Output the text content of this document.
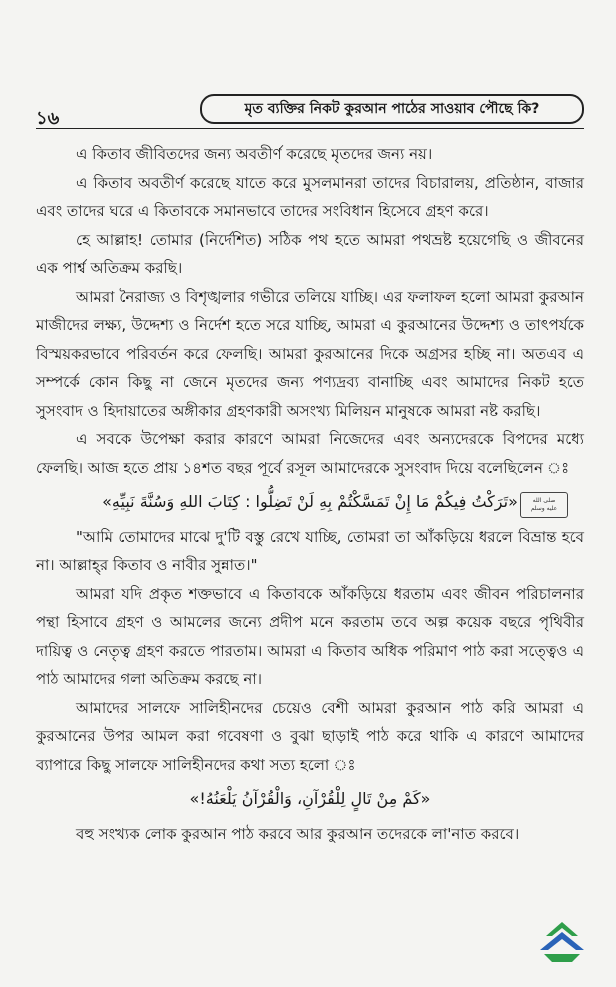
১৬	মৃত ব্যক্তির নিকট কুরআন পাঠের সাওয়াব পৌছে কি?

এ কিতাব জীবিতদের জন্য অবতীর্ণ করেছে মৃতদের জন্য নয়।

এ কিতাব অবতীর্ণ করেছে যাতে করে মুসলমানরা তাদের বিচারালয়, প্রতিষ্ঠান, বাজার এবং তাদের ঘরে এ কিতাবকে সমানভাবে তাদের সংবিধান হিসেবে গ্রহণ করে।

হে আল্লাহ! তোমার (নির্দেশিত) সঠিক পথ হতে আমরা পথভ্রষ্ট হয়েগেছি ও জীবনের এক পার্শ্ব অতিক্রম করছি।

আমরা নৈরাজ্য ও বিশৃঙ্খলার গভীরে তলিয়ে যাচ্ছি। এর ফলাফল হলো আমরা কুরআন মাজীদের লক্ষ্য, উদ্দেশ্য ও নির্দেশ হতে সরে যাচ্ছি, আমরা এ কুরআনের উদ্দেশ্য ও তাৎপর্যকে বিস্ময়করভাবে পরিবর্তন করে ফেলছি। আমরা কুরআনের দিকে অগ্রসর হচ্ছি না। অতএব এ সম্পর্কে কোন কিছু না জেনে মৃতদের জন্য পণ্যদ্রব্য বানাচ্ছি এবং আমাদের নিকট হতে সুসংবাদ ও হিদায়াতের অঙ্গীকার গ্রহণকারী অসংখ্য মিলিয়ন মানুষকে আমরা নষ্ট করছি।

এ সবকে উপেক্ষা করার কারণে আমরা নিজেদের এবং অন্যদেরকে বিপদের মধ্যে ফেলছি। আজ হতে প্রায় ১৪শত বছর পূর্বে রসূল আমাদেরকে সুসংবাদ দিয়ে বলেছিলেন ঃ

«تَرَكْتُ فِيكُمْ مَا إِنْ تَمَسَّكْتُمْ بِهِ لَنْ تَضِلُّوا : كِتَابَ اللهِ وَسُنَّةَ نَبِيِّهِ»

"আমি তোমাদের মাঝে দু'টি বস্তু রেখে যাচ্ছি, তোমরা তা আঁকড়িয়ে ধরলে বিভ্রান্ত হবে না। আল্লাহ্‌র কিতাব ও নাবীর সুন্নাত।"

আমরা যদি প্রকৃত শক্তভাবে এ কিতাবকে আঁকড়িয়ে ধরতাম এবং জীবন পরিচালনার পন্থা হিসাবে গ্রহণ ও আমলের জন্যে প্রদীপ মনে করতাম তবে অল্প কয়েক বছরে পৃথিবীর দায়িত্ব ও নেতৃত্ব গ্রহণ করতে পারতাম। আমরা এ কিতাব অধিক পরিমাণ পাঠ করা সত্ত্বেও এ পাঠ আমাদের গলা অতিক্রম করছে না।

আমাদের সালফে সালিহীনদের চেয়েও বেশী আমরা কুরআন পাঠ করি আমরা এ কুরআনের উপর আমল করা গবেষণা ও বুঝা ছাড়াই পাঠ করে থাকি এ কারণে আমাদের ব্যাপারে কিছু সালফে সালিহীনদের কথা সত্য হলো ঃ

«كَمْ مِنْ تَالٍ لِلْقُرْآنِ، وَالْقُرْآنُ يَلْعَنُهُ!»

বহু সংখ্যক লোক কুরআন পাঠ করবে আর কুরআন তদেরকে লা'নাত করবে।

صلى الله
عليه وسلم
